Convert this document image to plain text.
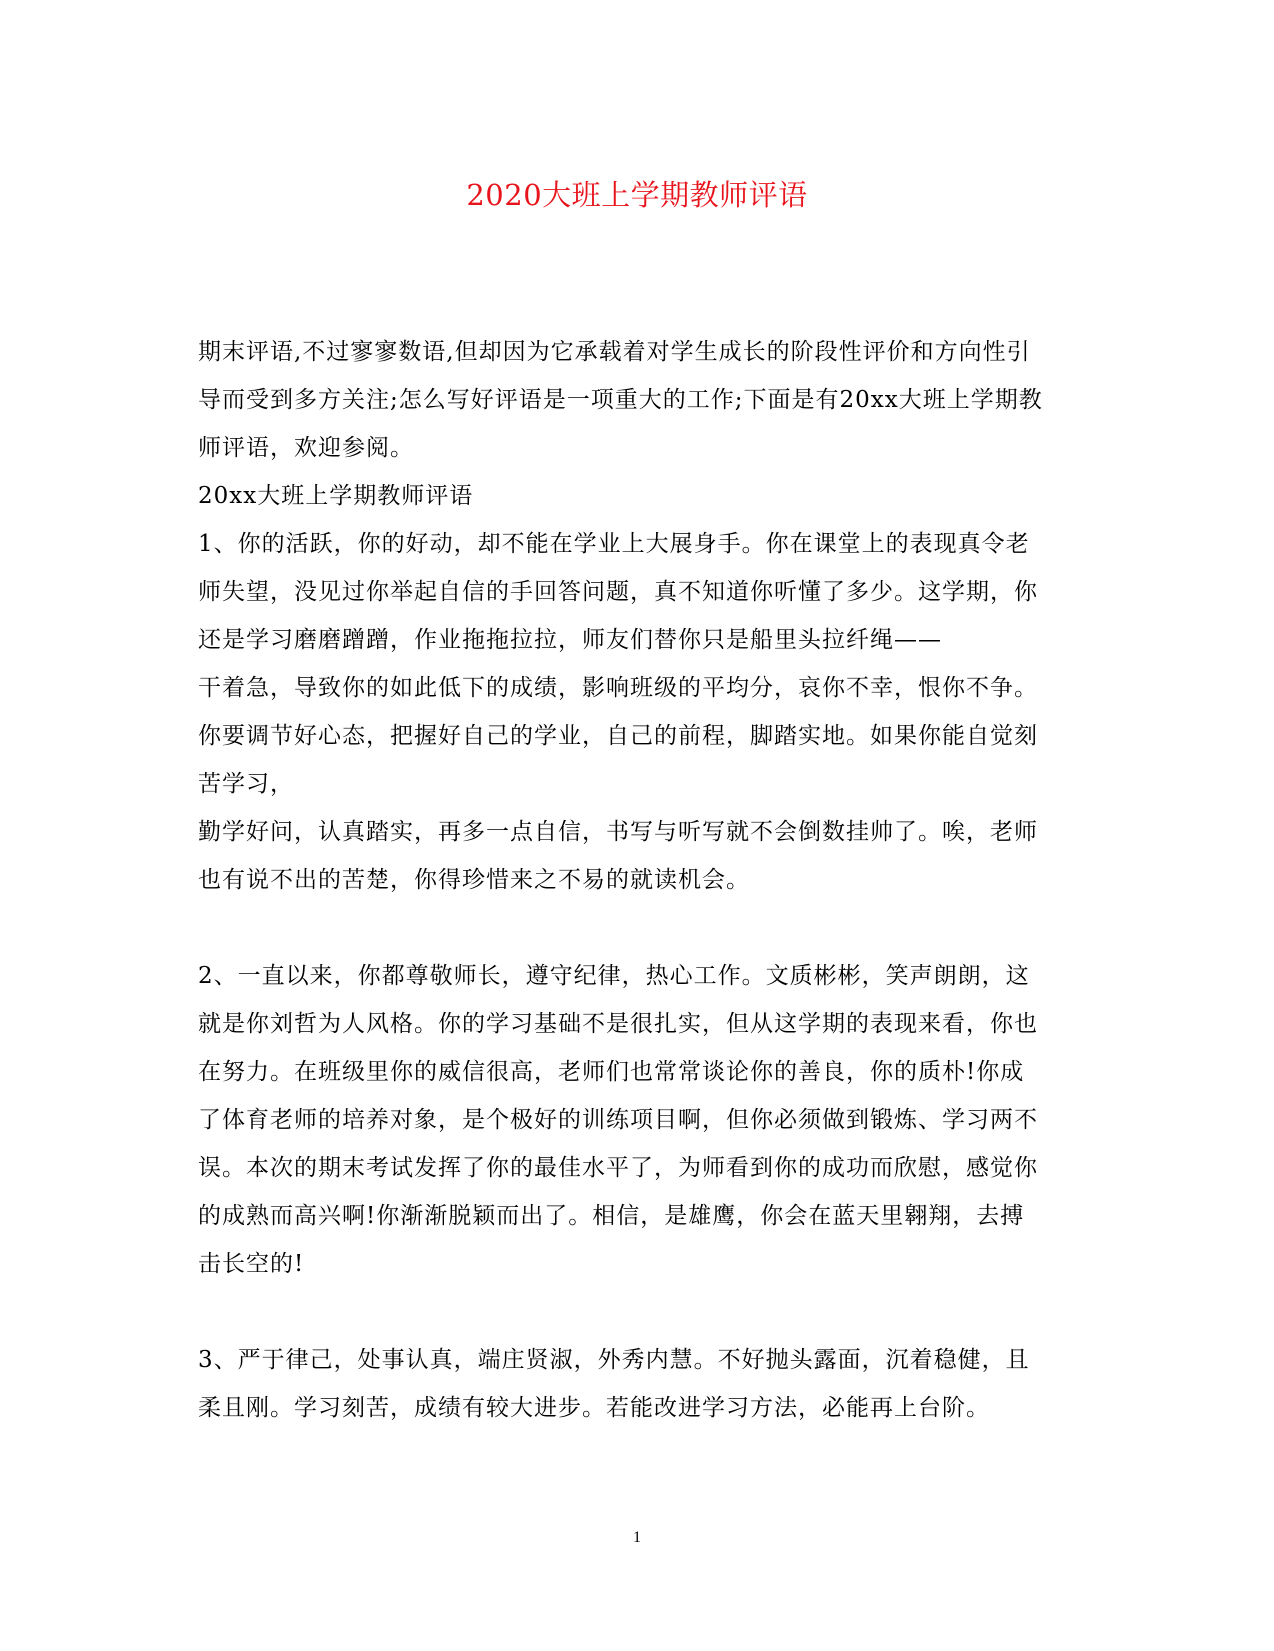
2020大班上学期教师评语
期末评语,不过寥寥数语,但却因为它承载着对学生成长的阶段性评价和方向性引
导而受到多方关注;怎么写好评语是一项重大的工作;下面是有20xx大班上学期教
师评语，欢迎参阅。
20xx大班上学期教师评语
1、你的活跃，你的好动，却不能在学业上大展身手。你在课堂上的表现真令老
师失望，没见过你举起自信的手回答问题，真不知道你听懂了多少。这学期，你
还是学习磨磨蹭蹭，作业拖拖拉拉，师友们替你只是船里头拉纤绳——
干着急，导致你的如此低下的成绩，影响班级的平均分，哀你不幸，恨你不争。
你要调节好心态，把握好自己的学业，自己的前程，脚踏实地。如果你能自觉刻
苦学习，
勤学好问，认真踏实，再多一点自信，书写与听写就不会倒数挂帅了。唉，老师
也有说不出的苦楚，你得珍惜来之不易的就读机会。
2、一直以来，你都尊敬师长，遵守纪律，热心工作。文质彬彬，笑声朗朗，这
就是你刘哲为人风格。你的学习基础不是很扎实，但从这学期的表现来看，你也
在努力。在班级里你的威信很高，老师们也常常谈论你的善良，你的质朴!你成
了体育老师的培养对象，是个极好的训练项目啊，但你必须做到锻炼、学习两不
误。本次的期末考试发挥了你的最佳水平了，为师看到你的成功而欣慰，感觉你
的成熟而高兴啊!你渐渐脱颖而出了。相信，是雄鹰，你会在蓝天里翱翔，去搏
击长空的!
3、严于律己，处事认真，端庄贤淑，外秀内慧。不好抛头露面，沉着稳健，且
柔且刚。学习刻苦，成绩有较大进步。若能改进学习方法，必能再上台阶。
1
